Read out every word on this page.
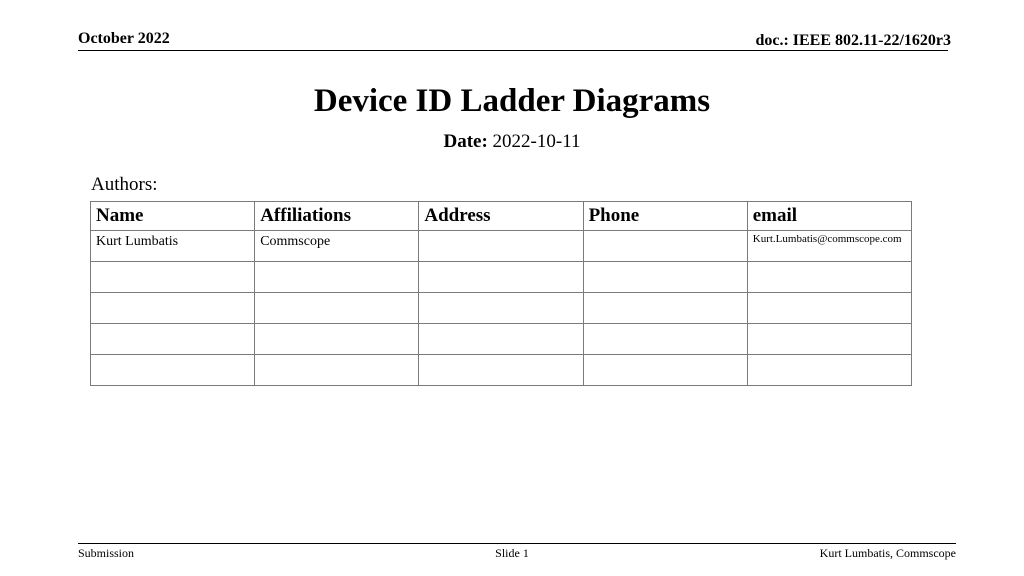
October 2022	doc.: IEEE 802.11-22/1620r3
Device ID Ladder Diagrams
Date: 2022-10-11
Authors:
Name	Affiliations	Address	Phone	email
Kurt Lumbatis	Commscope			Kurt.Lumbatis@commscope.com

Submission	Slide 1	Kurt Lumbatis, Commscope
